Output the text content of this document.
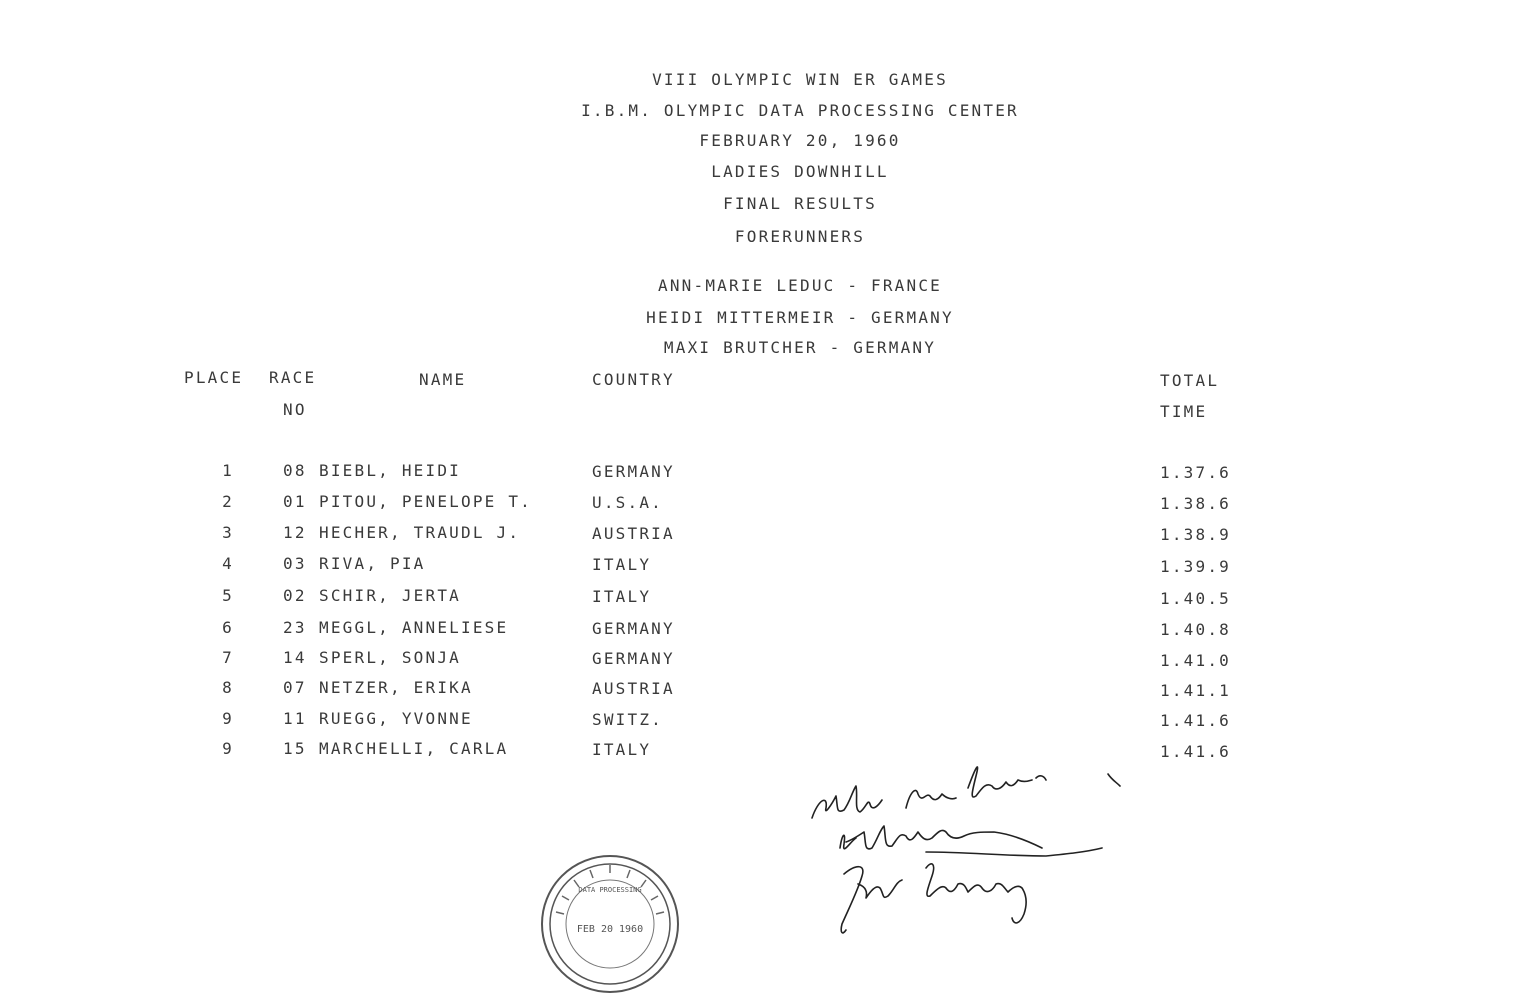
VIII OLYMPIC WIN ER GAMES
I.B.M. OLYMPIC DATA PROCESSING CENTER
FEBRUARY 20, 1960
LADIES DOWNHILL
FINAL RESULTS
FORERUNNERS
ANN-MARIE LEDUC - FRANCE
HEIDI MITTERMEIR - GERMANY
MAXI BRUTCHER - GERMANY
PLACE RACE
NO
NAME	COUNTRY	TOTAL
TIME
1	08 BIEBL, HEIDI	GERMANY	1.37.6
2	01 PITOU, PENELOPE T.	U.S.A.	1.38.6
3	12 HECHER, TRAUDL J.	AUSTRIA	1.38.9
4	03 RIVA, PIA	ITALY	1.39.9
5	02 SCHIR, JERTA	ITALY	1.40.5
6	23 MEGGL, ANNELIESE	GERMANY	1.40.8
7	14 SPERL, SONJA	GERMANY	1.41.0
8	07 NETZER, ERIKA	AUSTRIA	1.41.1
9	11 RUEGG, YVONNE	SWITZ.	1.41.6
9	15 MARCHELLI, CARLA	ITALY	1.41.6
DATA PROCESSING
FEB 20 1960
